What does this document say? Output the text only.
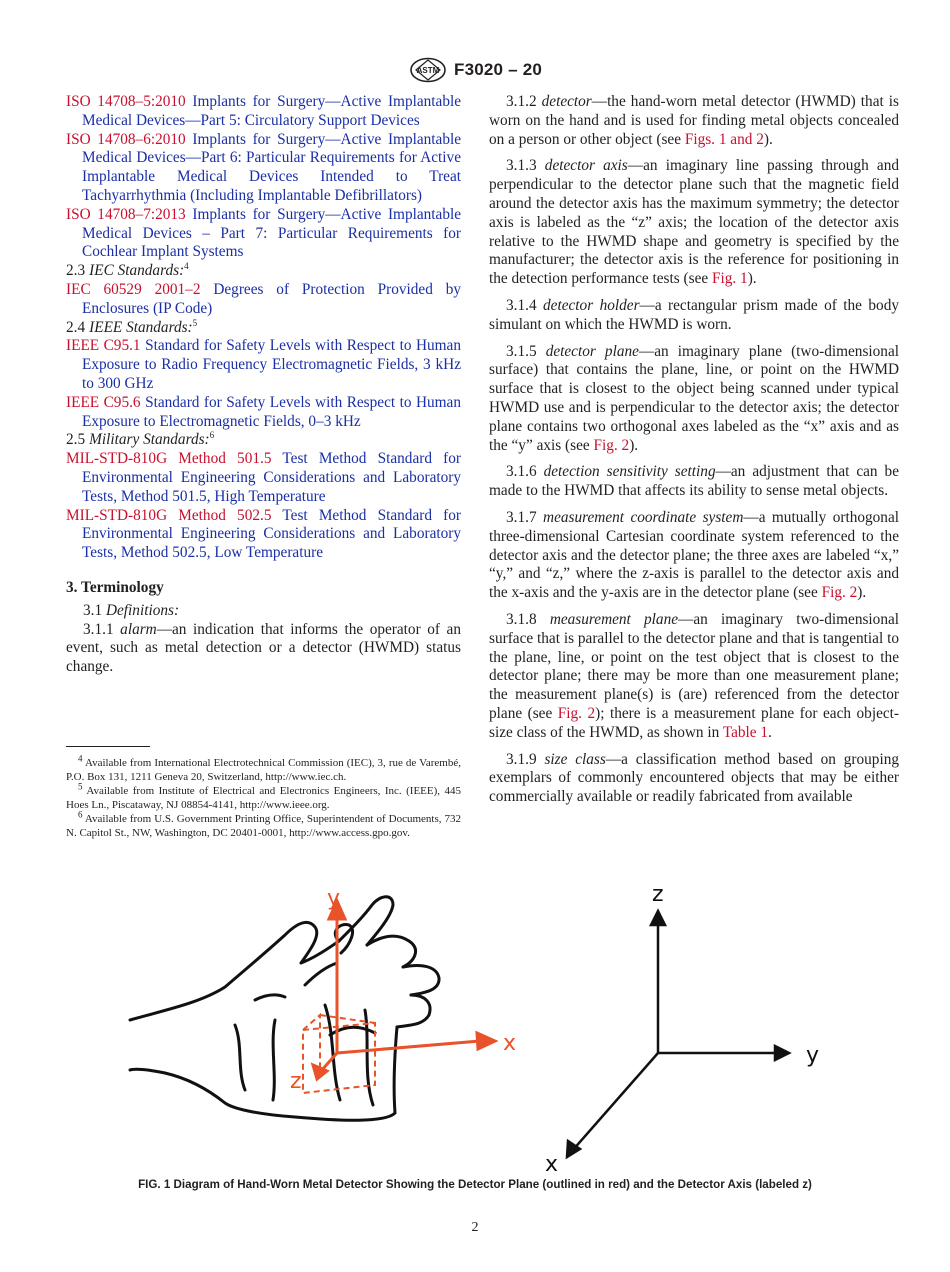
ASTM F3020 – 20
ISO 14708–5:2010 Implants for Surgery—Active Implantable Medical Devices—Part 5: Circulatory Support Devices
ISO 14708–6:2010 Implants for Surgery—Active Implantable Medical Devices—Part 6: Particular Requirements for Active Implantable Medical Devices Intended to Treat Tachyarrhythmia (Including Implantable Defibrillators)
ISO 14708–7:2013 Implants for Surgery—Active Implantable Medical Devices – Part 7: Particular Requirements for Cochlear Implant Systems
2.3 IEC Standards:$^4$
IEC 60529 2001–2 Degrees of Protection Provided by Enclosures (IP Code)
2.4 IEEE Standards:$^5$
IEEE C95.1 Standard for Safety Levels with Respect to Human Exposure to Radio Frequency Electromagnetic Fields, 3 kHz to 300 GHz
IEEE C95.6 Standard for Safety Levels with Respect to Human Exposure to Electromagnetic Fields, 0–3 kHz
2.5 Military Standards:$^6$
MIL-STD-810G Method 501.5 Test Method Standard for Environmental Engineering Considerations and Laboratory Tests, Method 501.5, High Temperature
MIL-STD-810G Method 502.5 Test Method Standard for Environmental Engineering Considerations and Laboratory Tests, Method 502.5, Low Temperature
3. Terminology
3.1 Definitions:
3.1.1 alarm—an indication that informs the operator of an event, such as metal detection or a detector (HWMD) status change.
$^4$ Available from International Electrotechnical Commission (IEC), 3, rue de Varembé, P.O. Box 131, 1211 Geneva 20, Switzerland, http://www.iec.ch.
$^5$ Available from Institute of Electrical and Electronics Engineers, Inc. (IEEE), 445 Hoes Ln., Piscataway, NJ 08854-4141, http://www.ieee.org.
$^6$ Available from U.S. Government Printing Office, Superintendent of Documents, 732 N. Capitol St., NW, Washington, DC 20401-0001, http://www.access.gpo.gov.
3.1.2 detector—the hand-worn metal detector (HWMD) that is worn on the hand and is used for finding metal objects concealed on a person or other object (see Figs. 1 and 2).
3.1.3 detector axis—an imaginary line passing through and perpendicular to the detector plane such that the magnetic field around the detector axis has the maximum symmetry; the detector axis is labeled as the “z” axis; the location of the detector axis relative to the HWMD shape and geometry is specified by the manufacturer; the detector axis is the reference for positioning in the detection performance tests (see Fig. 1).
3.1.4 detector holder—a rectangular prism made of the body simulant on which the HWMD is worn.
3.1.5 detector plane—an imaginary plane (two-dimensional surface) that contains the plane, line, or point on the HWMD surface that is closest to the object being scanned under typical HWMD use and is perpendicular to the detector axis; the detector plane contains two orthogonal axes labeled as the “x” axis and as the “y” axis (see Fig. 2).
3.1.6 detection sensitivity setting—an adjustment that can be made to the HWMD that affects its ability to sense metal objects.
3.1.7 measurement coordinate system—a mutually orthogonal three-dimensional Cartesian coordinate system referenced to the detector axis and the detector plane; the three axes are labeled “x,” “y,” and “z,” where the z-axis is parallel to the detector axis and the x-axis and the y-axis are in the detector plane (see Fig. 2).
3.1.8 measurement plane—an imaginary two-dimensional surface that is parallel to the detector plane and that is tangential to the plane, line, or point on the test object that is closest to the detector plane; there may be more than one measurement plane; the measurement plane(s) is (are) referenced from the detector plane (see Fig. 2); there is a measurement plane for each object-size class of the HWMD, as shown in Table 1.
3.1.9 size class—a classification method based on grouping exemplars of commonly encountered objects that may be either commercially available or readily fabricated from available
y
x
z
z
y
x
FIG. 1 Diagram of Hand-Worn Metal Detector Showing the Detector Plane (outlined in red) and the Detector Axis (labeled z)
2
